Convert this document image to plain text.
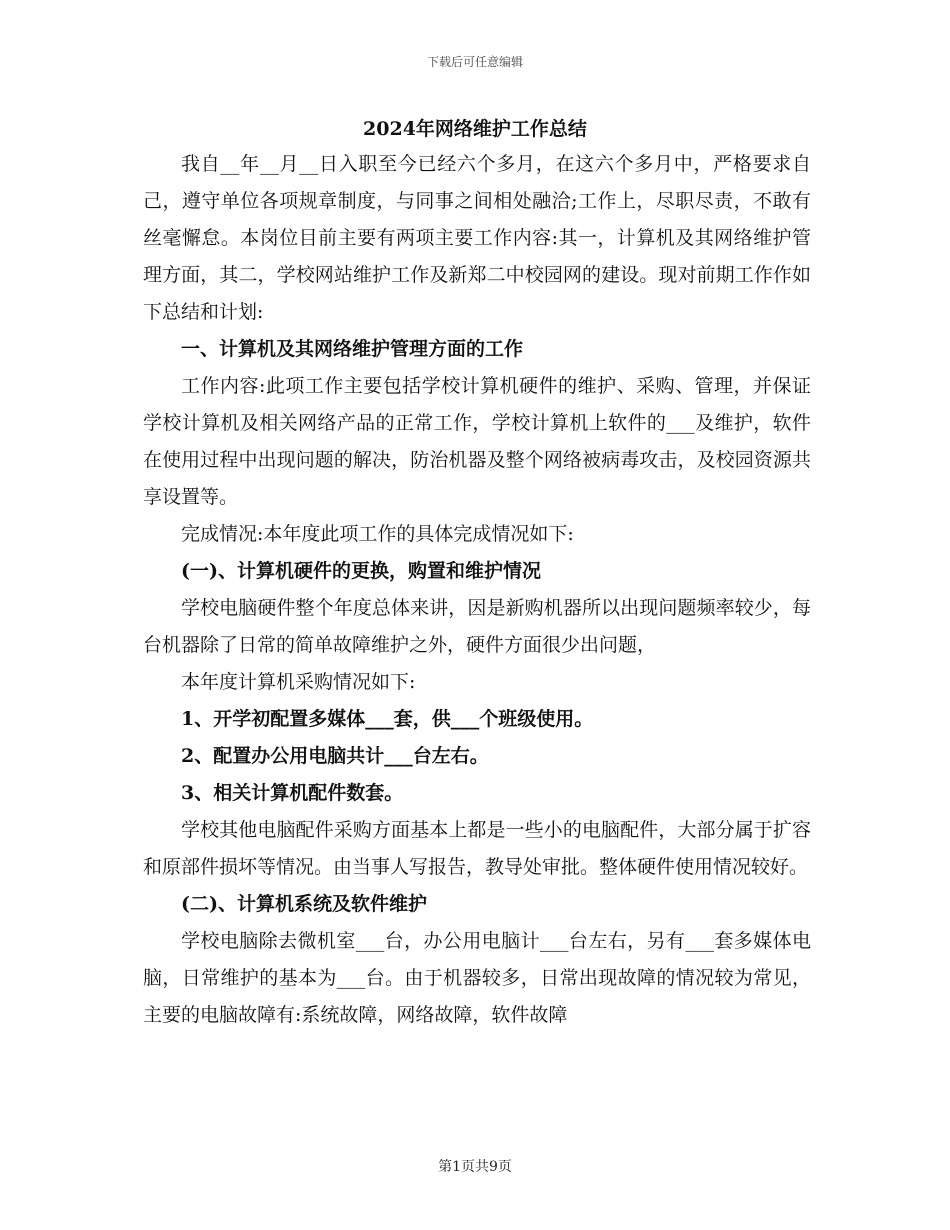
下载后可任意编辑
2024年网络维护工作总结

我自__年__月__日入职至今已经六个多月，在这六个多月中，严格要求自己，遵守单位各项规章制度，与同事之间相处融洽;工作上，尽职尽责，不敢有丝毫懈怠。本岗位目前主要有两项主要工作内容:其一，计算机及其网络维护管理方面，其二，学校网站维护工作及新郑二中校园网的建设。现对前期工作作如下总结和计划:

一、计算机及其网络维护管理方面的工作

工作内容:此项工作主要包括学校计算机硬件的维护、采购、管理，并保证学校计算机及相关网络产品的正常工作，学校计算机上软件的___及维护，软件在使用过程中出现问题的解决，防治机器及整个网络被病毒攻击，及校园资源共享设置等。

完成情况:本年度此项工作的具体完成情况如下:

(一)、计算机硬件的更换，购置和维护情况

学校电脑硬件整个年度总体来讲，因是新购机器所以出现问题频率较少，每台机器除了日常的简单故障维护之外，硬件方面很少出问题，

本年度计算机采购情况如下:

1、开学初配置多媒体___套，供___个班级使用。

2、配置办公用电脑共计___台左右。

3、相关计算机配件数套。

学校其他电脑配件采购方面基本上都是一些小的电脑配件，大部分属于扩容和原部件损坏等情况。由当事人写报告，教导处审批。整体硬件使用情况较好。

(二)、计算机系统及软件维护

学校电脑除去微机室___台，办公用电脑计___台左右，另有___套多媒体电脑，日常维护的基本为___台。由于机器较多，日常出现故障的情况较为常见，主要的电脑故障有:系统故障，网络故障，软件故障

第1页共9页
